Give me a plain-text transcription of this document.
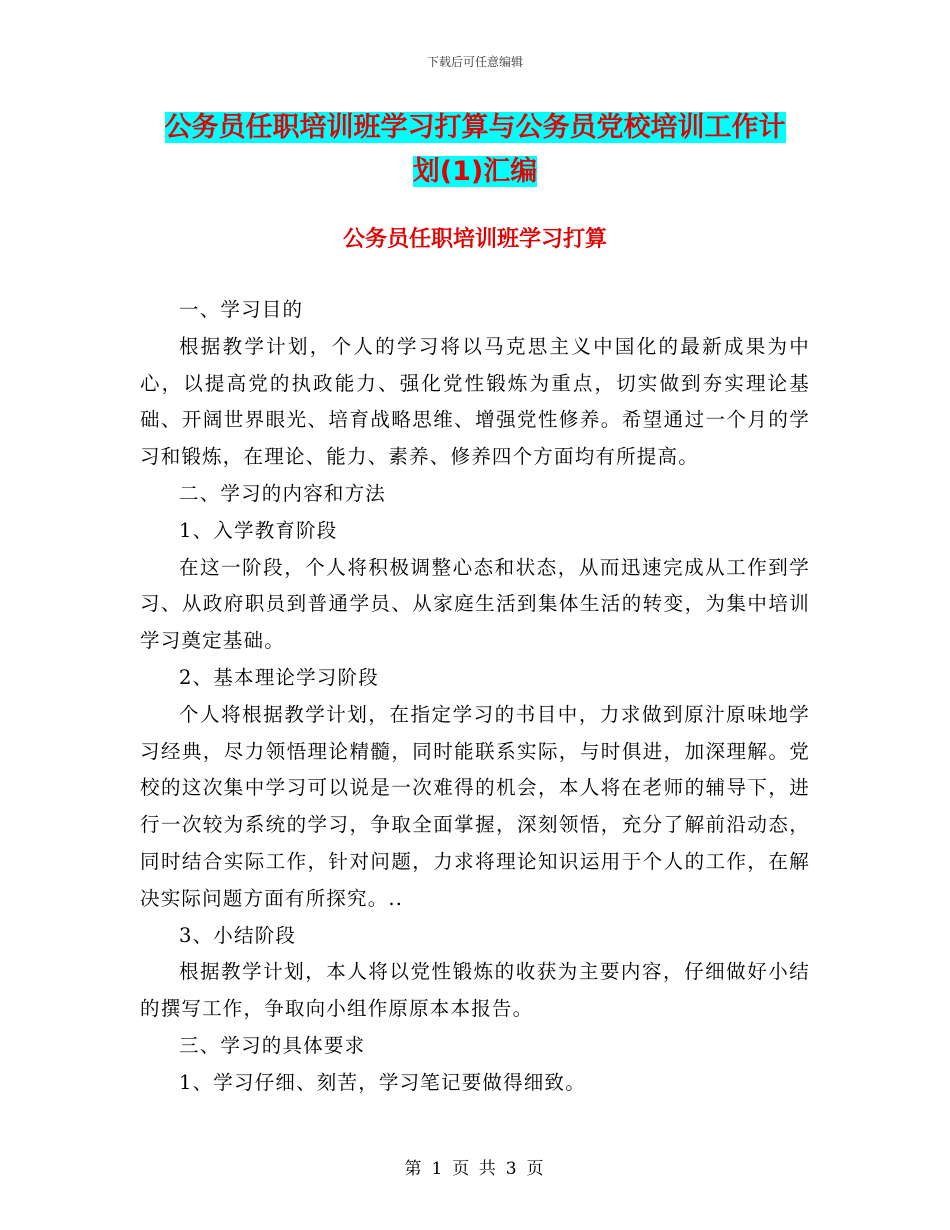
下载后可任意编辑
公务员任职培训班学习打算与公务员党校培训工作计
划(1)汇编
公务员任职培训班学习打算

一、学习目的

根据教学计划，个人的学习将以马克思主义中国化的最新成果为中心，以提高党的执政能力、强化党性锻炼为重点，切实做到夯实理论基础、开阔世界眼光、培育战略思维、增强党性修养。希望通过一个月的学习和锻炼，在理论、能力、素养、修养四个方面均有所提高。

二、学习的内容和方法

1、入学教育阶段

在这一阶段，个人将积极调整心态和状态，从而迅速完成从工作到学习、从政府职员到普通学员、从家庭生活到集体生活的转变，为集中培训学习奠定基础。

2、基本理论学习阶段

个人将根据教学计划，在指定学习的书目中，力求做到原汁原味地学习经典，尽力领悟理论精髓，同时能联系实际，与时俱进，加深理解。党校的这次集中学习可以说是一次难得的机会，本人将在老师的辅导下，进行一次较为系统的学习，争取全面掌握，深刻领悟，充分了解前沿动态，同时结合实际工作，针对问题，力求将理论知识运用于个人的工作，在解决实际问题方面有所探究。..

3、小结阶段

根据教学计划，本人将以党性锻炼的收获为主要内容，仔细做好小结的撰写工作，争取向小组作原原本本报告。

三、学习的具体要求

1、学习仔细、刻苦，学习笔记要做得细致。

第 1 页 共 3 页
